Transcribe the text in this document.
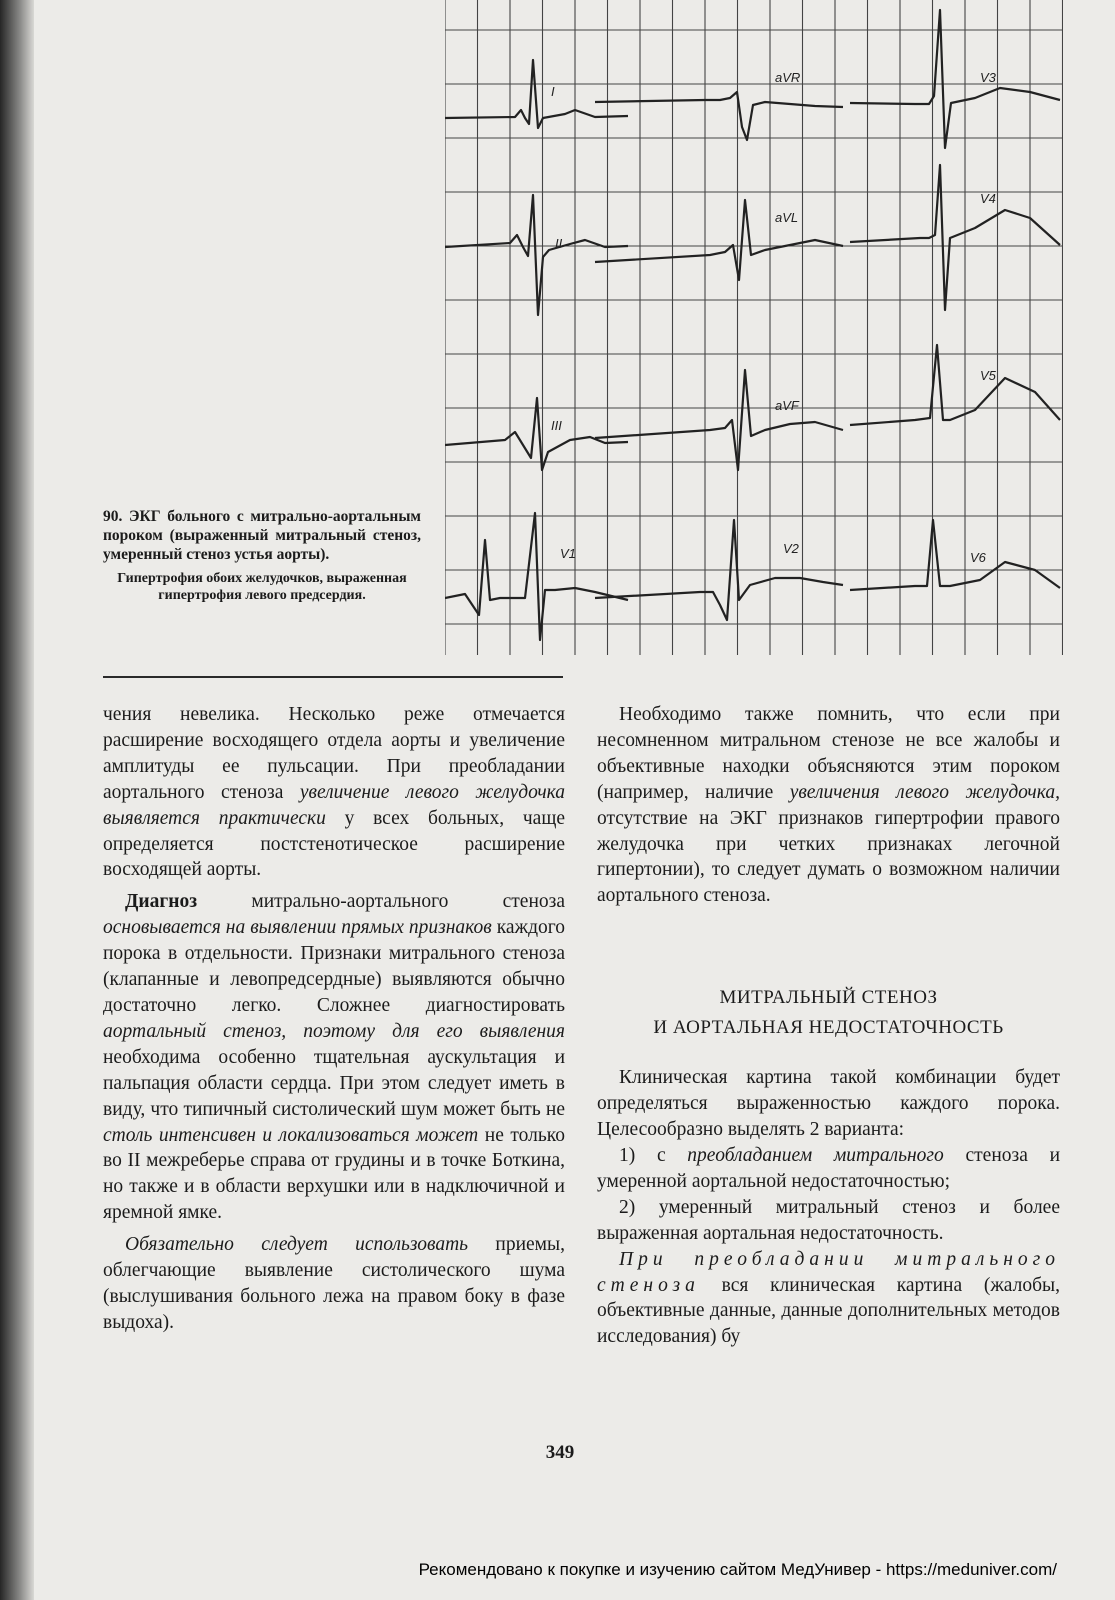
I
II
III
V1
aVR
aVL
aVF
V2
V3
V4
V5
V6
90. ЭКГ больного с митрально-аортальным пороком (выраженный митральный стеноз, умеренный стеноз устья аорты).
Гипертрофия обоих желудочков, выраженная гипертрофия левого предсердия.

чения невелика. Несколько реже отмечается расширение восходящего отдела аорты и увеличение амплитуды ее пульсации. При преобладании аортального стеноза увеличение левого желудочка выявляется практически у всех больных, чаще определяется постстенотическое расширение восходящей аорты.

Диагноз митрально-аортального стеноза основывается на выявлении прямых признаков каждого порока в отдельности. Признаки митрального стеноза (клапанные и левопредсердные) выявляются обычно достаточно легко. Сложнее диагностировать аортальный стеноз, поэтому для его выявления необходима особенно тщательная аускультация и пальпация области сердца. При этом следует иметь в виду, что типичный систолический шум может быть не столь интенсивен и локализоваться может не только во II межреберье справа от грудины и в точке Боткина, но также и в области верхушки или в надключичной и яремной ямке.

Обязательно следует использовать приемы, облегчающие выявление систолического шума (выслушивания больного лежа на правом боку в фазе выдоха).

Необходимо также помнить, что если при несомненном митральном стенозе не все жалобы и объективные находки объясняются этим пороком (например, наличие увеличения левого желудочка, отсутствие на ЭКГ признаков гипертрофии правого желудочка при четких признаках легочной гипертонии), то следует думать о возможном наличии аортального стеноза.

МИТРАЛЬНЫЙ СТЕНОЗ
И АОРТАЛЬНАЯ НЕДОСТАТОЧНОСТЬ

Клиническая картина такой комбинации будет определяться выраженностью каждого порока. Целесообразно выделять 2 варианта:

1) с преобладанием митрального стеноза и умеренной аортальной недостаточностью;

2) умеренный митральный стеноз и более выраженная аортальная недостаточность.

При преобладании митрального стеноза вся клиническая картина (жалобы, объективные данные, данные дополнительных методов исследования) бу

349
Рекомендовано к покупке и изучению сайтом МедУнивер - https://meduniver.com/
